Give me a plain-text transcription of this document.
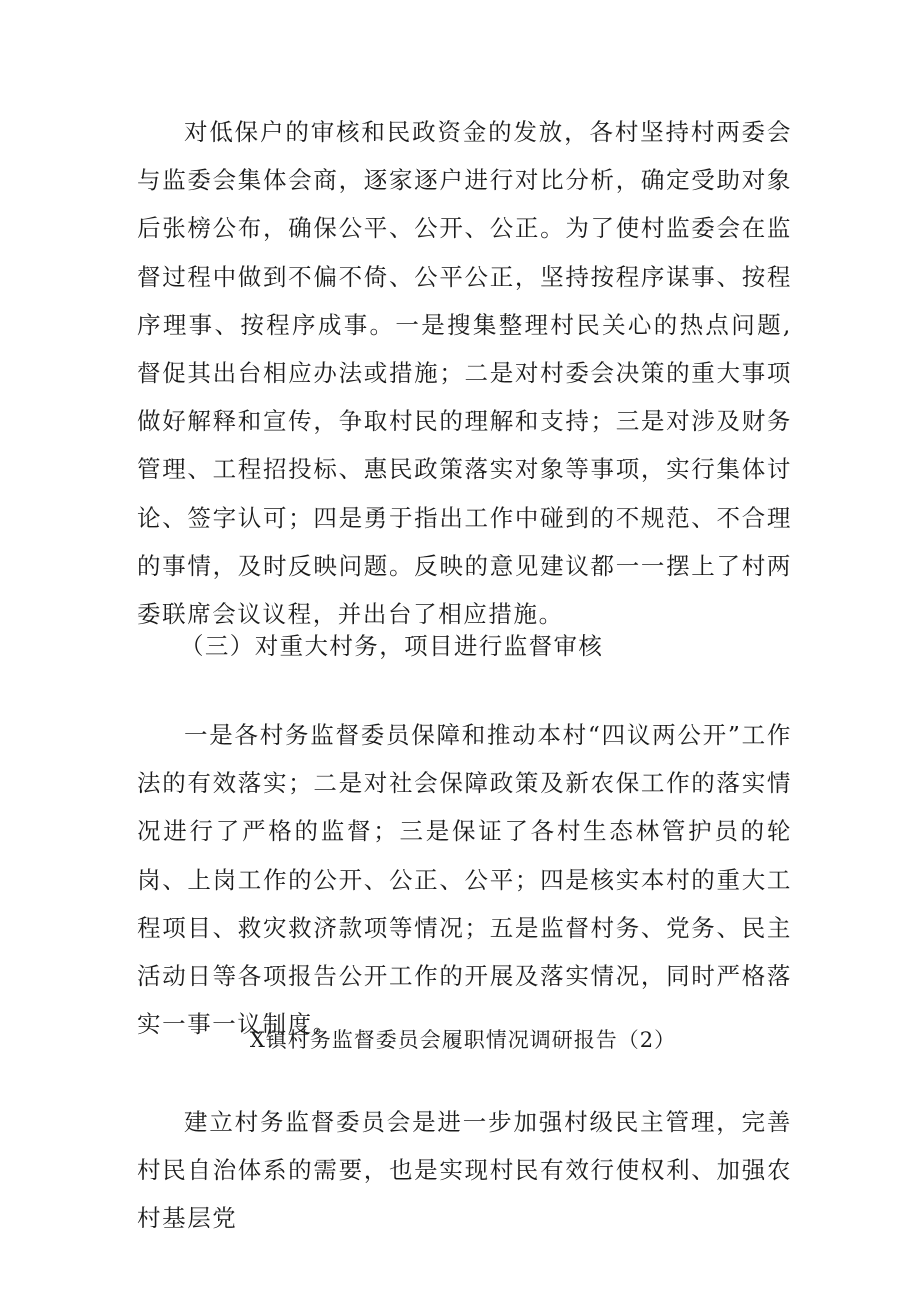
对低保户的审核和民政资金的发放，各村坚持村两委会与监委会集体会商，逐家逐户进行对比分析，确定受助对象后张榜公布，确保公平、公开、公正。为了使村监委会在监督过程中做到不偏不倚、公平公正，坚持按程序谋事、按程序理事、按程序成事。一是搜集整理村民关心的热点问题,督促其出台相应办法或措施；二是对村委会决策的重大事项做好解释和宣传，争取村民的理解和支持；三是对涉及财务管理、工程招投标、惠民政策落实对象等事项，实行集体讨论、签字认可；四是勇于指出工作中碰到的不规范、不合理的事情，及时反映问题。反映的意见建议都一一摆上了村两委联席会议议程，并出台了相应措施。

（三）对重大村务，项目进行监督审核

一是各村务监督委员保障和推动本村“四议两公开”工作法的有效落实；二是对社会保障政策及新农保工作的落实情况进行了严格的监督；三是保证了各村生态林管护员的轮岗、上岗工作的公开、公正、公平；四是核实本村的重大工程项目、救灾救济款项等情况；五是监督村务、党务、民主活动日等各项报告公开工作的开展及落实情况，同时严格落实一事一议制度。

X镇村务监督委员会履职情况调研报告（2）

建立村务监督委员会是进一步加强村级民主管理，完善村民自治体系的需要，也是实现村民有效行使权利、加强农村基层党
